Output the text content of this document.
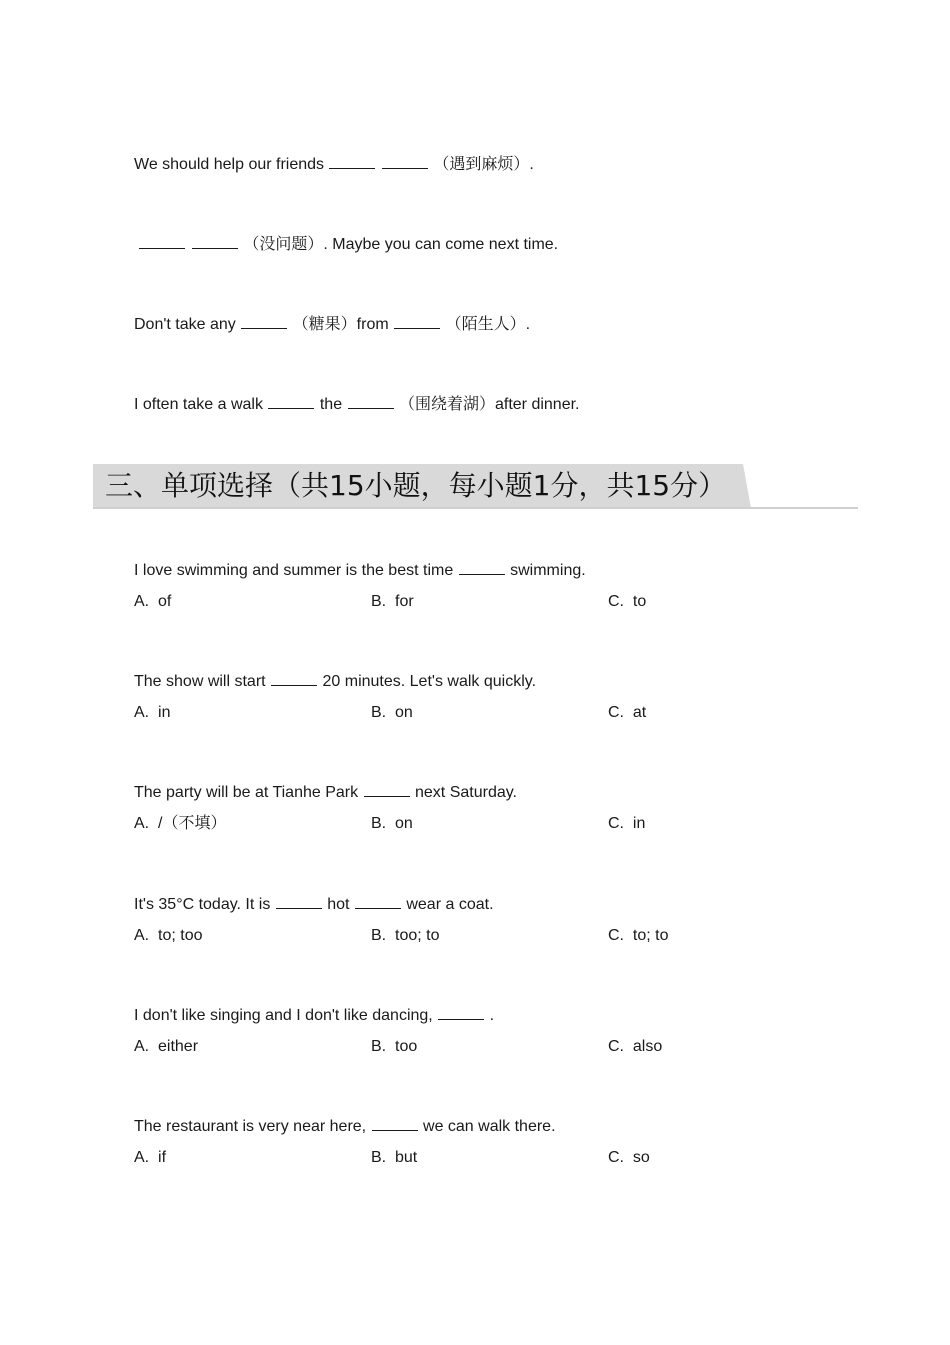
We should help our friends	（遇到麻烦）.
（没问题）. Maybe you can come next time.
Don't take any	（糖果）from	（陌生人）.
I often take a walk	the	（围绕着湖）after dinner.
三、单项选择（共15小题，每小题1分，共15分）
I love swimming and summer is the best time	swimming.
A.  of	B.  for	C.  to
The show will start	20 minutes. Let's walk quickly.
A.  in	B.  on	C.  at
The party will be at Tianhe Park	next Saturday.
A.  /（不填）	B.  on	C.  in
It's 35°C today. It is	hot	wear a coat.
A.  to; too	B.  too; to	C.  to; to
I don't like singing and I don't like dancing,	.
A.  either	B.  too	C.  also
The restaurant is very near here,	we can walk there.
A.  if	B.  but	C.  so
